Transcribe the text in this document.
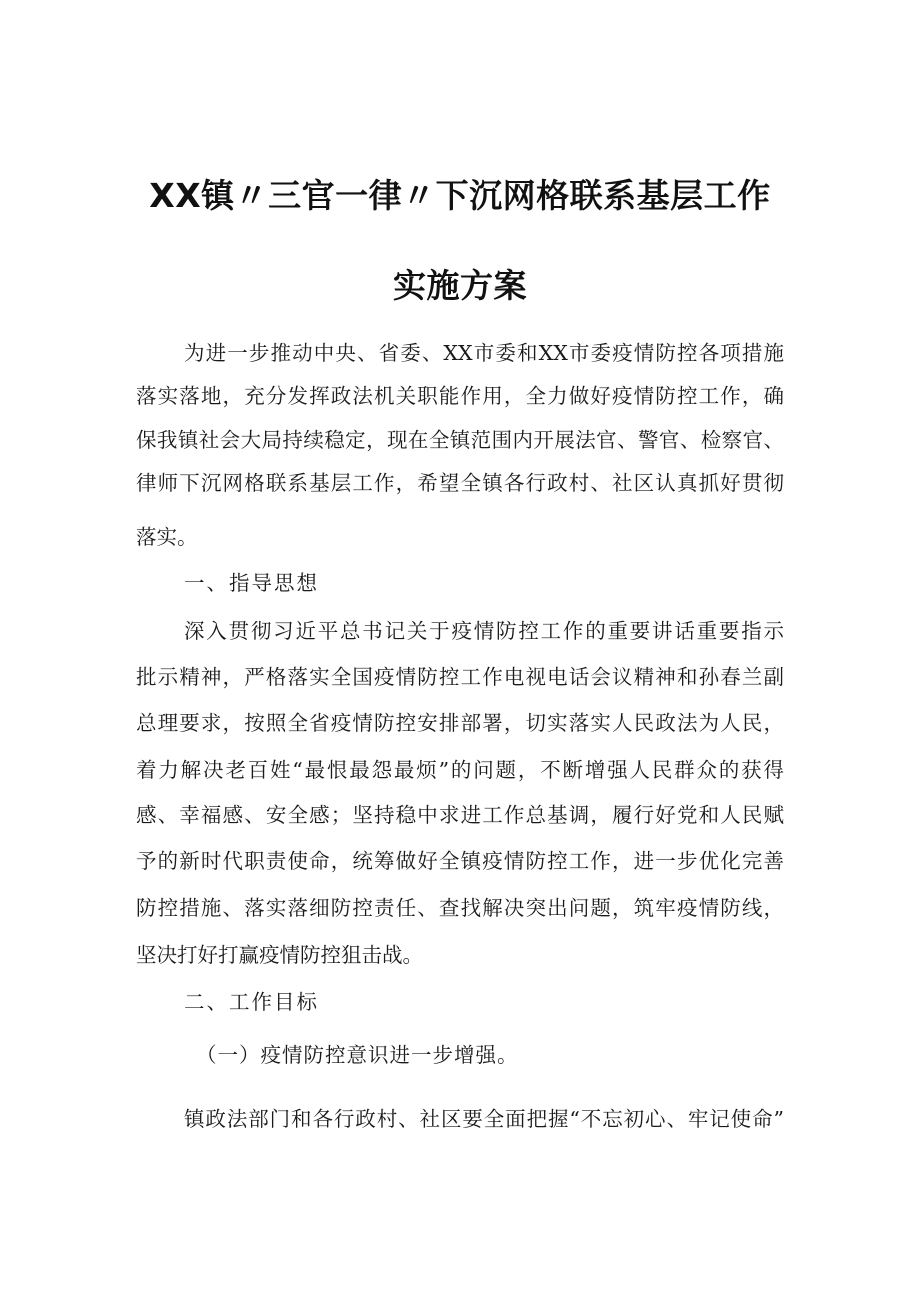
XX镇〃三官一律〃下沉网格联系基层工作
实施方案

为进一步推动中央、省委、XX市委和XX市委疫情防控各项措施

落实落地，充分发挥政法机关职能作用，全力做好疫情防控工作，确

保我镇社会大局持续稳定，现在全镇范围内开展法官、警官、检察官、

律师下沉网格联系基层工作，希望全镇各行政村、社区认真抓好贯彻

落实。

一、指导思想

深入贯彻习近平总书记关于疫情防控工作的重要讲话重要指示

批示精神，严格落实全国疫情防控工作电视电话会议精神和孙春兰副

总理要求，按照全省疫情防控安排部署，切实落实人民政法为人民，

着力解决老百姓“最恨最怨最烦”的问题，不断增强人民群众的获得

感、幸福感、安全感；坚持稳中求进工作总基调，履行好党和人民赋

予的新时代职责使命，统筹做好全镇疫情防控工作，进一步优化完善

防控措施、落实落细防控责任、查找解决突出问题，筑牢疫情防线，

坚决打好打赢疫情防控狙击战。

二、工作目标

（一）疫情防控意识进一步增强。

镇政法部门和各行政村、社区要全面把握“不忘初心、牢记使命”
